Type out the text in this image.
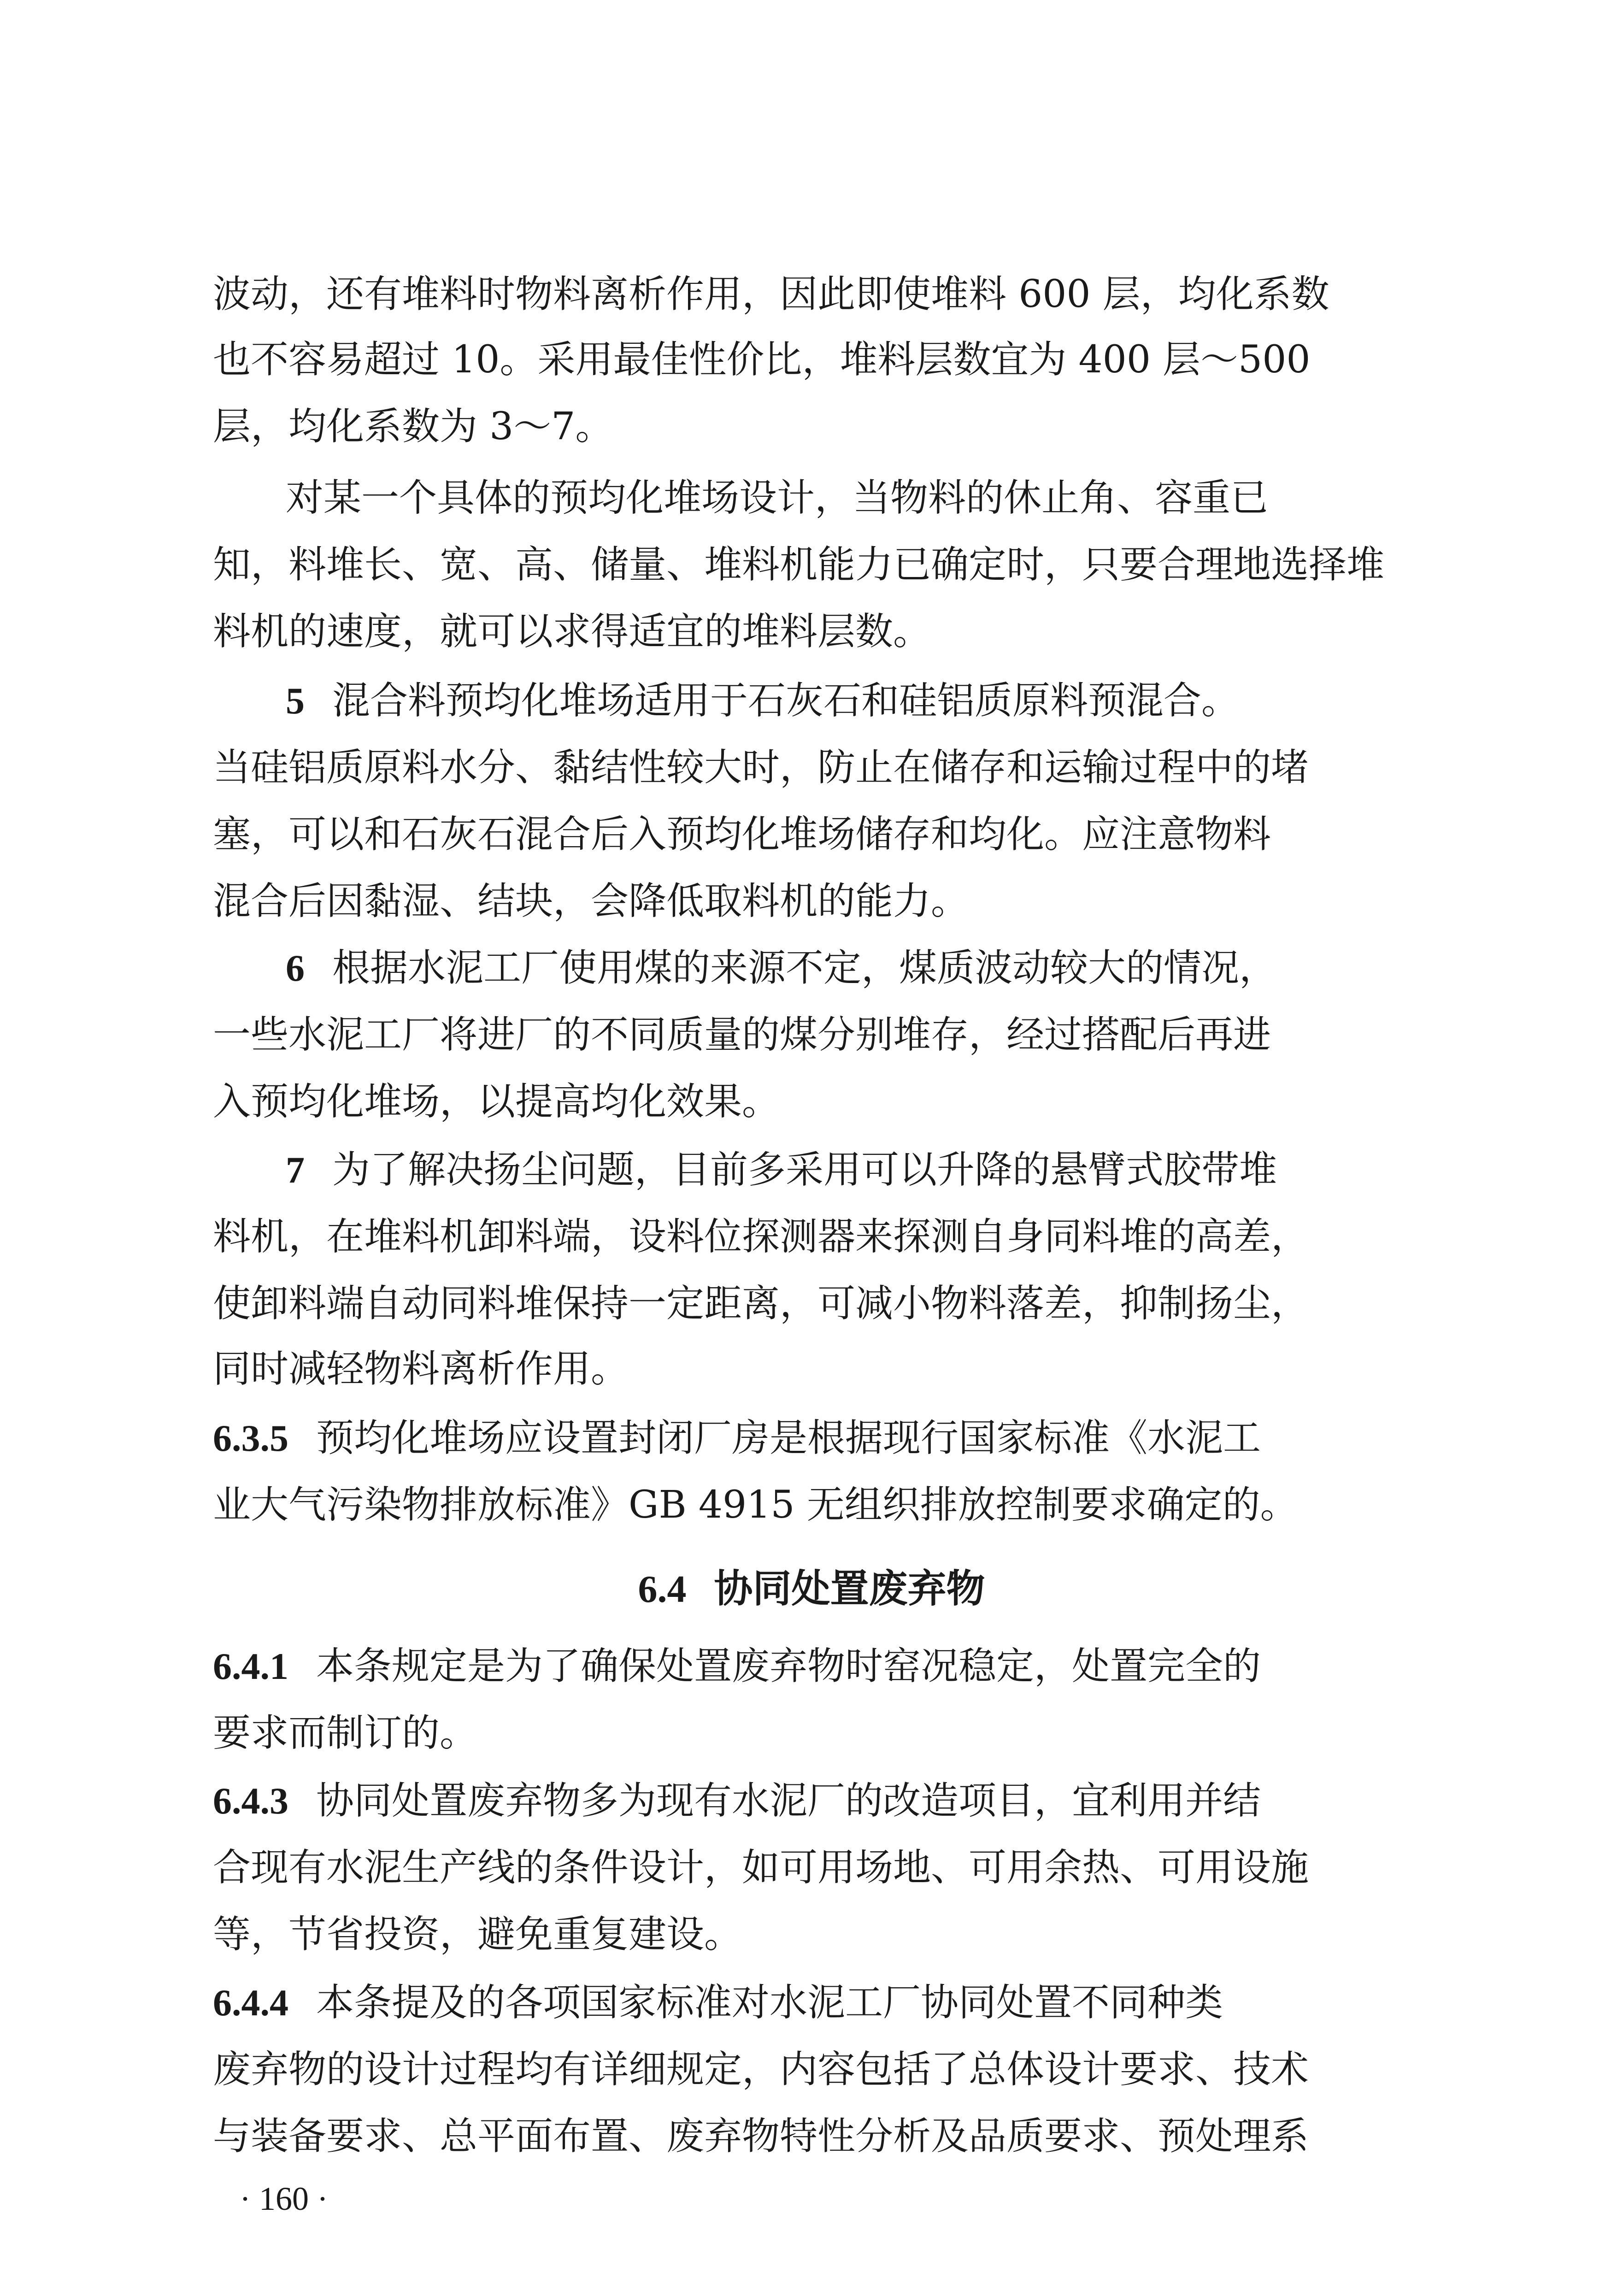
波动，还有堆料时物料离析作用，因此即使堆料 600 层，均化系数
也不容易超过 10。采用最佳性价比，堆料层数宜为 400 层～500
层，均化系数为 3～7。
对某一个具体的预均化堆场设计，当物料的休止角、容重已
知，料堆长、宽、高、储量、堆料机能力已确定时，只要合理地选择堆
料机的速度，就可以求得适宜的堆料层数。
5 混合料预均化堆场适用于石灰石和硅铝质原料预混合。
当硅铝质原料水分、黏结性较大时，防止在储存和运输过程中的堵
塞，可以和石灰石混合后入预均化堆场储存和均化。应注意物料
混合后因黏湿、结块，会降低取料机的能力。
6 根据水泥工厂使用煤的来源不定，煤质波动较大的情况，
一些水泥工厂将进厂的不同质量的煤分别堆存，经过搭配后再进
入预均化堆场，以提高均化效果。
7 为了解决扬尘问题，目前多采用可以升降的悬臂式胶带堆
料机，在堆料机卸料端，设料位探测器来探测自身同料堆的高差，
使卸料端自动同料堆保持一定距离，可减小物料落差，抑制扬尘，
同时减轻物料离析作用。
6.3.5 预均化堆场应设置封闭厂房是根据现行国家标准《水泥工
业大气污染物排放标准》GB 4915 无组织排放控制要求确定的。
6.4 协同处置废弃物
6.4.1 本条规定是为了确保处置废弃物时窑况稳定，处置完全的
要求而制订的。
6.4.3 协同处置废弃物多为现有水泥厂的改造项目，宜利用并结
合现有水泥生产线的条件设计，如可用场地、可用余热、可用设施
等，节省投资，避免重复建设。
6.4.4 本条提及的各项国家标准对水泥工厂协同处置不同种类
废弃物的设计过程均有详细规定，内容包括了总体设计要求、技术
与装备要求、总平面布置、废弃物特性分析及品质要求、预处理系
· 160 ·
